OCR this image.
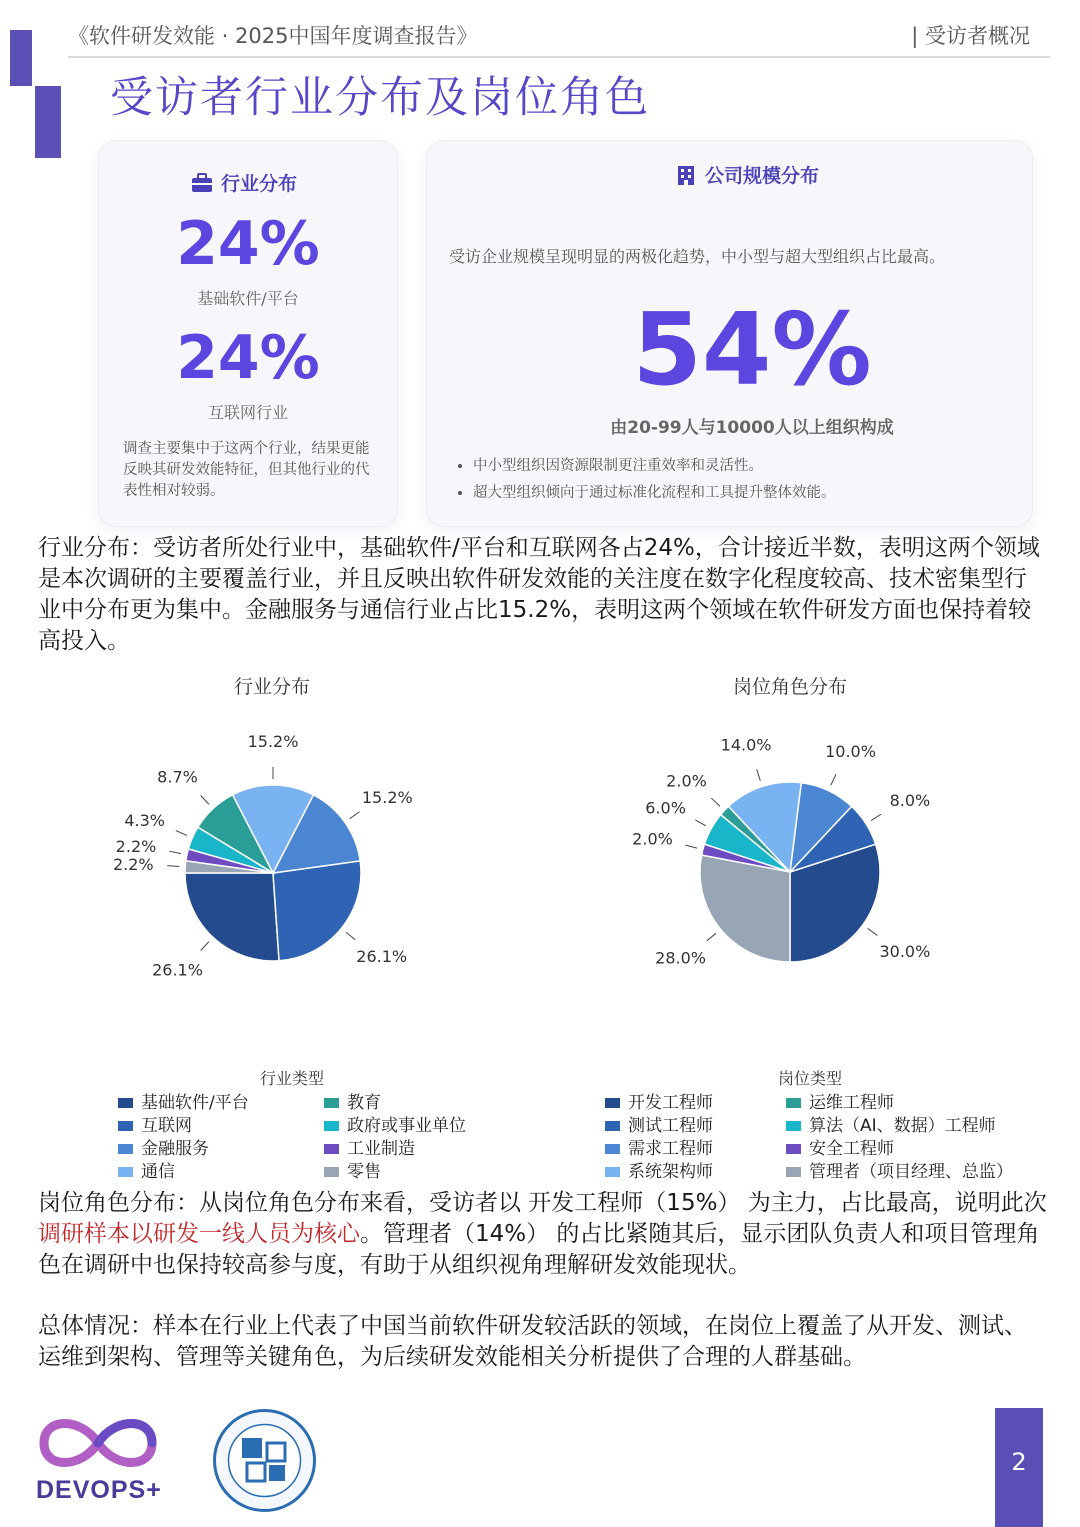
《软件研发效能 · 2025中国年度调查报告》	| 受访者概况
受访者行业分布及岗位角色
行业分布
24%
基础软件/平台
24%
互联网行业
调查主要集中于这两个行业，结果更能反映其研发效能特征，但其他行业的代表性相对较弱。
公司规模分布
受访企业规模呈现明显的两极化趋势，中小型与超大型组织占比最高。
54%
由20-99人与10000人以上组织构成
• 中小型组织因资源限制更注重效率和灵活性。
• 超大型组织倾向于通过标准化流程和工具提升整体效能。
行业分布：受访者所处行业中，基础软件/平台和互联网各占24%，合计接近半数，表明这两个领域是本次调研的主要覆盖行业，并且反映出软件研发效能的关注度在数字化程度较高、技术密集型行业中分布更为集中。金融服务与通信行业占比15.2%，表明这两个领域在软件研发方面也保持着较高投入。
行业分布	岗位角色分布
26.1%
26.1%
15.2%
15.2%
8.7%
4.3%
2.2%
2.2%
30.0%
8.0%
10.0%
14.0%
2.0%
6.0%
2.0%
28.0%
行业类型	岗位类型
基础软件/平台
互联网
金融服务
通信
教育
政府或事业单位
工业制造
零售
开发工程师
测试工程师
需求工程师
系统架构师
运维工程师
算法（AI、数据）工程师
安全工程师
管理者（项目经理、总监）
岗位角色分布：从岗位角色分布来看，受访者以 开发工程师（15%） 为主力，占比最高，说明此次调研样本以研发一线人员为核心。管理者（14%） 的占比紧随其后，显示团队负责人和项目管理角色在调研中也保持较高参与度，有助于从组织视角理解研发效能现状。
总体情况：样本在行业上代表了中国当前软件研发较活跃的领域，在岗位上覆盖了从开发、测试、运维到架构、管理等关键角色，为后续研发效能相关分析提供了合理的人群基础。
DEVOPS+
2
